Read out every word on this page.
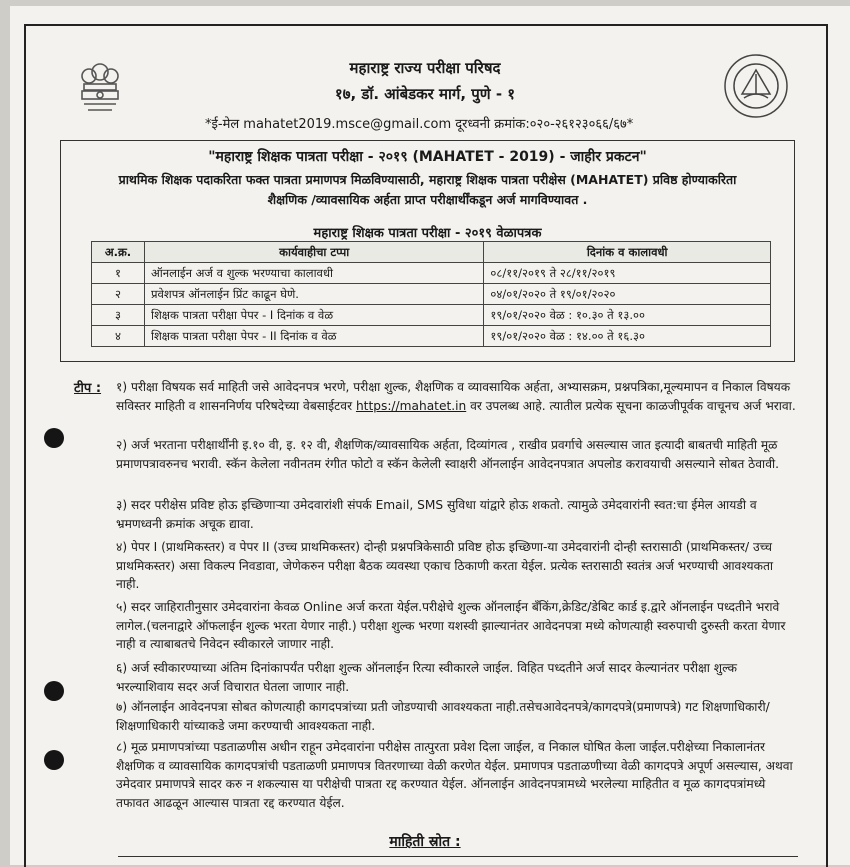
महाराष्ट्र राज्य परीक्षा परिषद
१७, डॉ. आंबेडकर मार्ग, पुणे - १
*ई-मेल mahatet2019.msce@gmail.com दूरध्वनी क्रमांक:०२०-२६१२३०६६/६७*
"महाराष्ट्र शिक्षक पात्रता परीक्षा - २०१९ (MAHATET - 2019) - जाहीर प्रकटन"
प्राथमिक शिक्षक पदाकरिता फक्त पात्रता प्रमाणपत्र मिळविण्यासाठी, महाराष्ट्र शिक्षक पात्रता परीक्षेस (MAHATET) प्रविष्ठ होण्याकरिता
शैक्षणिक /व्यावसायिक अर्हता प्राप्त परीक्षार्थींकडून अर्ज मागविण्यावत .
महाराष्ट्र शिक्षक पात्रता परीक्षा - २०१९ वेळापत्रक
अ.क्र.	कार्यवाहीचा टप्पा	दिनांक व कालावधी
१	ऑनलाईन अर्ज व शुल्क भरण्याचा कालावधी	०८/११/२०१९ ते २८/११/२०१९
२	प्रवेशपत्र ऑनलाईन प्रिंट काढून घेणे.	०४/०१/२०२० ते १९/०१/२०२०
३	शिक्षक पात्रता परीक्षा पेपर - I दिनांक व वेळ	१९/०१/२०२० वेळ : १०.३० ते १३.००
४	शिक्षक पात्रता परीक्षा पेपर - II दिनांक व वेळ	१९/०१/२०२० वेळ : १४.०० ते १६.३०
टीप : १) परीक्षा विषयक सर्व माहिती जसे आवेदनपत्र भरणे, परीक्षा शुल्क, शैक्षणिक व व्यावसायिक अर्हता, अभ्यासक्रम, प्रश्नपत्रिका,मूल्यमापन व निकाल विषयक सविस्तर माहिती व शासननिर्णय परिषदेच्या वेबसाईटवर https://mahatet.in वर उपलब्ध आहे. त्यातील प्रत्येक सूचना काळजीपूर्वक वाचूनच अर्ज भरावा.
२) अर्ज भरताना परीक्षार्थींनी इ.१० वी, इ. १२ वी, शैक्षणिक/व्यावसायिक अर्हता, दिव्यांगत्व , राखीव प्रवर्गाचे असल्यास जात इत्यादी बाबतची माहिती मूळ प्रमाणपत्रावरुनच भरावी. स्कॅन केलेला नवीनतम रंगीत फोटो व स्कॅन केलेली स्वाक्षरी ऑनलाईन आवेदनपत्रात अपलोड करावयाची असल्याने सोबत ठेवावी.
३) सदर परीक्षेस प्रविष्ट होऊ इच्छिणाऱ्या उमेदवारांशी संपर्क Email, SMS सुविधा यांद्वारे होऊ शकतो. त्यामुळे उमेदवारांनी स्वत:चा ईमेल आयडी व भ्रमणध्वनी क्रमांक अचूक द्यावा.
४) पेपर I (प्राथमिकस्तर) व पेपर II (उच्च प्राथमिकस्तर) दोन्ही प्रश्नपत्रिकेसाठी प्रविष्ट होऊ इच्छिणा-या उमेदवारांनी दोन्ही स्तरासाठी (प्राथमिकस्तर/ उच्च प्राथमिकस्तर) असा विकल्प निवडावा, जेणेकरुन परीक्षा बैठक व्यवस्था एकाच ठिकाणी करता येईल. प्रत्येक स्तरासाठी स्वतंत्र अर्ज भरण्याची आवश्यकता नाही.
५) सदर जाहिरातीनुसार उमेदवारांना केवळ Online अर्ज करता येईल.परीक्षेचे शुल्क ऑनलाईन बँकिंग,क्रेडिट/डेबिट कार्ड इ.द्वारे ऑनलाईन पध्दतीने भरावे लागेल.(चलनाद्वारे ऑफलाईन शुल्क भरता येणार नाही.) परीक्षा शुल्क भरणा यशस्वी झाल्यानंतर आवेदनपत्रा मध्ये कोणत्याही स्वरुपाची दुरुस्ती करता येणार नाही व त्याबाबतचे निवेदन स्वीकारले जाणार नाही.
६) अर्ज स्वीकारण्याच्या अंतिम दिनांकापर्यंत परीक्षा शुल्क ऑनलाईन रित्या स्वीकारले जाईल. विहित पध्दतीने अर्ज सादर केल्यानंतर परीक्षा शुल्क भरल्याशिवाय सदर अर्ज विचारात घेतला जाणार नाही.
७) ऑनलाईन आवेदनपत्रा सोबत कोणत्याही कागदपत्रांच्या प्रती जोडण्याची आवश्यकता नाही.तसेचआवेदनपत्रे/कागदपत्रे(प्रमाणपत्रे) गट शिक्षणाधिकारी/ शिक्षणाधिकारी यांच्याकडे जमा करण्याची आवश्यकता नाही.
८) मूळ प्रमाणपत्रांच्या पडताळणीस अधीन राहून उमेदवारांना परीक्षेस तात्पुरता प्रवेश दिला जाईल, व निकाल घोषित केला जाईल.परीक्षेच्या निकालानंतर शैक्षणिक व व्यावसायिक कागदपत्रांची पडताळणी प्रमाणपत्र वितरणाच्या वेळी करणेत येईल. प्रमाणपत्र पडताळणीच्या वेळी कागदपत्रे अपूर्ण असल्यास, अथवा उमेदवार प्रमाणपत्रे सादर करु न शकल्यास या परीक्षेची पात्रता रद्द करण्यात येईल. ऑनलाईन आवेदनपत्रामध्ये भरलेल्या माहितीत व मूळ कागदपत्रांमध्ये तफावत आढळून आल्यास पात्रता रद्द करण्यात येईल.
माहिती स्रोत :
